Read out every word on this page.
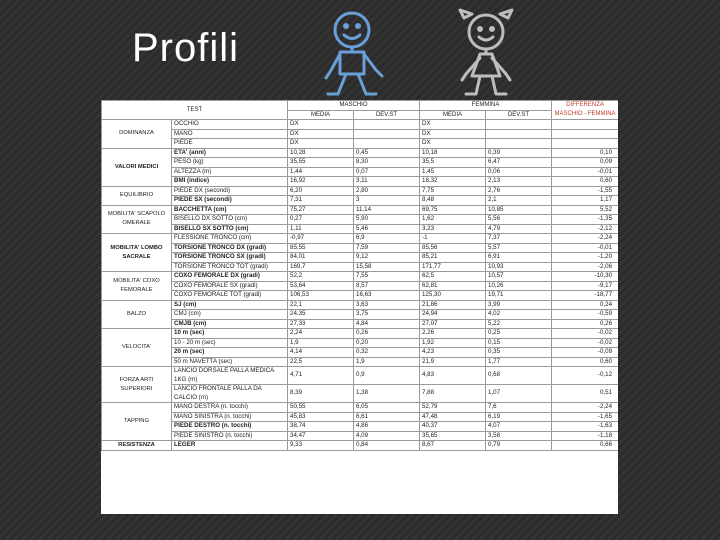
Profili
TEST		MASCHIO		FEMMINA		DIFFERENZA MASCHIO - FEMMINA
		MEDIA	DEV.ST	MEDIA	DEV.ST	
DOMINANZA	OCCHIO	DX		DX		
	MANO	DX		DX		
	PIEDE	DX		DX		
VALORI MEDICI	ETA' (anni)	10,28	0,45	10,18	0,39	0,10
	PESO (kg)	35,55	8,30	35,5	6,47	0,09
	ALTEZZA (m)	1,44	0,07	1,45	0,06	-0,01
	BMI (indice)	16,92	3,11	18,32	2,13	0,60
EQUILIBRIO	PIEDE DX (secondi)	6,20	2,80	7,75	2,76	-1,55
	PIEDE SX (secondi)	7,31	3	8,48	2,1	1,17
MOBILITA' SCAPOLO OMERALE	BACCHETTA (cm)	75,27	11,14	69,75	10,85	5,52
	BISELLO DX SOTTO (cm)	0,27	5,90	1,62	5,56	-1,35
	BISELLO SX SOTTO (cm)	1,11	5,46	3,23	4,79	-2,12
MOBILITA' LOMBO SACRALE	FLESSIONE TRONCO (cm)	-0,97	6,9	-1	7,37	-2,24
	TORSIONE TRONCO DX (gradi)	85,55	7,59	85,56	5,57	-0,01
	TORSIONE TRONCO SX (gradi)	84,01	9,12	85,21	6,91	-1,20
	TORSIONE TRONCO TOT (gradi)	169,7	15,58	171,77	10,93	-2,06
MOBILITA' COXO FEMORALE	COXO FEMORALE DX (gradi)	52,2	7,55	62,5	10,57	-10,30
	COXO FEMORALE SX (gradi)	53,64	8,57	62,81	10,26	-9,17
	COXO FEMORALE TOT (gradi)	106,53	16,63	125,30	19,71	-18,77
BALZO	SJ (cm)	22,1	3,63	21,86	3,99	0,24
	CMJ (cm)	24,35	3,75	24,94	4,02	-0,59
	CMJB (cm)	27,33	4,84	27,07	5,22	0,26
VELOCITA'	10 m (sec)	2,24	0,26	2,26	0,25	-0,02
	10 - 20 m (sec)	1,9	0,20	1,92	0,15	-0,02
	20 m (sec)	4,14	0,32	4,23	0,35	-0,09
	50 m NAVETTA (sec)	22,5	1,9	21,9	1,77	0,60
FORZA ARTI SUPERIORI	LANCIO DORSALE PALLA MEDICA 1KG (m)	4,71	0,9	4,83	0,68	-0,12
	LANCIO FRONTALE PALLA DA CALCIO (m)	8,39	1,38	7,88	1,07	0,51
TAPPING	MANO DESTRA (n. tocchi)	50,55	6,05	52,79	7,6	-2,24
	MANO SINISTRA (n. tocchi)	45,83	6,61	47,48	6,19	-1,65
	PIEDE DESTRO (n. tocchi)	38,74	4,86	40,37	4,07	-1,63
	PIEDE SINISTRO (n. tocchi)	34,47	4,09	35,65	3,58	-1,18
RESISTENZA	LEGER	9,33	0,84	8,67	0,79	0,66
